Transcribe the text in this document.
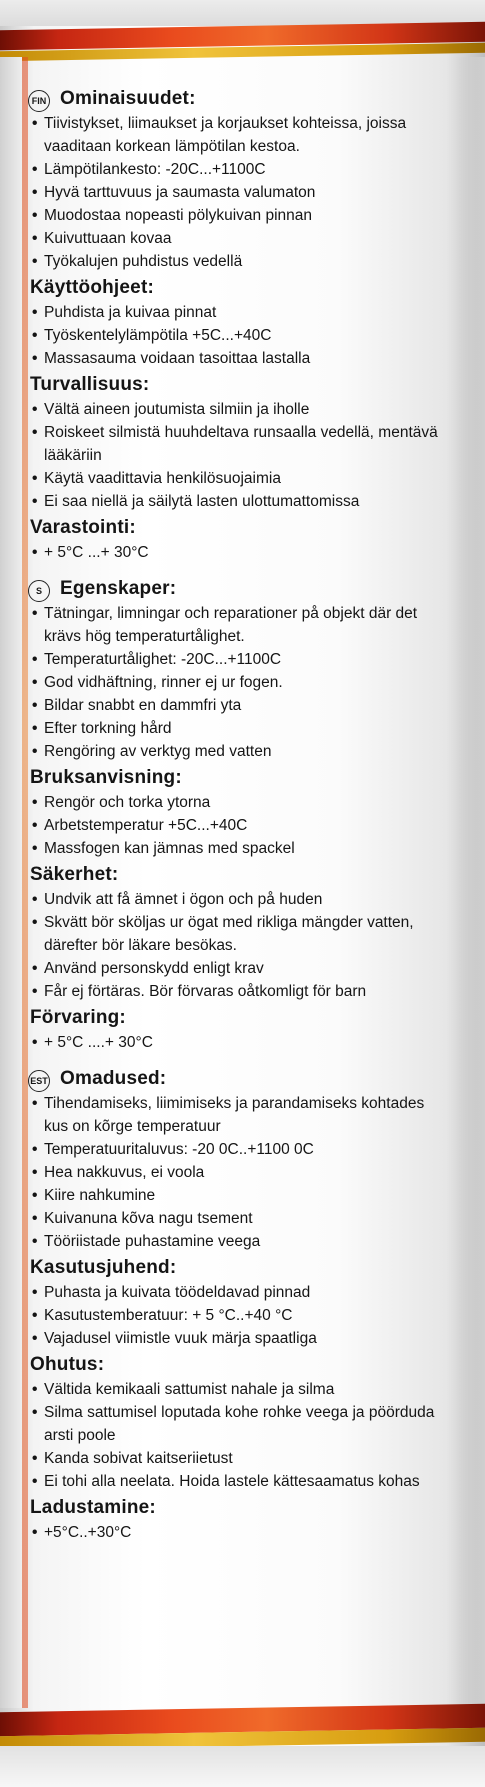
FIN Ominaisuudet:
• Tiivistykset, liimaukset ja korjaukset kohteissa, joissa vaaditaan korkean lämpötilan kestoa.
• Lämpötilankesto: -20C...+1100C
• Hyvä tarttuvuus ja saumasta valumaton
• Muodostaa nopeasti pölykuivan pinnan
• Kuivuttuaan kovaa
• Työkalujen puhdistus vedellä
Käyttöohjeet:
• Puhdista ja kuivaa pinnat
• Työskentelylämpötila +5C...+40C
• Massasauma voidaan tasoittaa lastalla
Turvallisuus:
• Vältä aineen joutumista silmiin ja iholle
• Roiskeet silmistä huuhdeltava runsaalla vedellä, mentävä lääkäriin
• Käytä vaadittavia henkilösuojaimia
• Ei saa niellä ja säilytä lasten ulottumattomissa
Varastointi:
• + 5°C ...+ 30°C
S Egenskaper:
• Tätningar, limningar och reparationer på objekt där det krävs hög temperaturtålighet.
• Temperaturtålighet: -20C...+1100C
• God vidhäftning, rinner ej ur fogen.
• Bildar snabbt en dammfri yta
• Efter torkning hård
• Rengöring av verktyg med vatten
Bruksanvisning:
• Rengör och torka ytorna
• Arbetstemperatur +5C...+40C
• Massfogen kan jämnas med spackel
Säkerhet:
• Undvik att få ämnet i ögon och på huden
• Skvätt bör sköljas ur ögat med rikliga mängder vatten, därefter bör läkare besökas.
• Använd personskydd enligt krav
• Får ej förtäras. Bör förvaras oåtkomligt för barn
Förvaring:
• + 5°C ....+ 30°C
EST Omadused:
• Tihendamiseks, liimimiseks ja parandamiseks kohtades kus on kõrge temperatuur
• Temperatuuritaluvus: -20 0C..+1100 0C
• Hea nakkuvus, ei voola
• Kiire nahkumine
• Kuivanuna kõva nagu tsement
• Tööriistade puhastamine veega
Kasutusjuhend:
• Puhasta ja kuivata töödeldavad pinnad
• Kasutustemberatuur: + 5 °C..+40 °C
• Vajadusel viimistle vuuk märja spaatliga
Ohutus:
• Vältida kemikaali sattumist nahale ja silma
• Silma sattumisel loputada kohe rohke veega ja pöörduda arsti poole
• Kanda sobivat kaitseriietust
• Ei tohi alla neelata. Hoida lastele kättesaamatus kohas
Ladustamine:
• +5°C..+30°C
